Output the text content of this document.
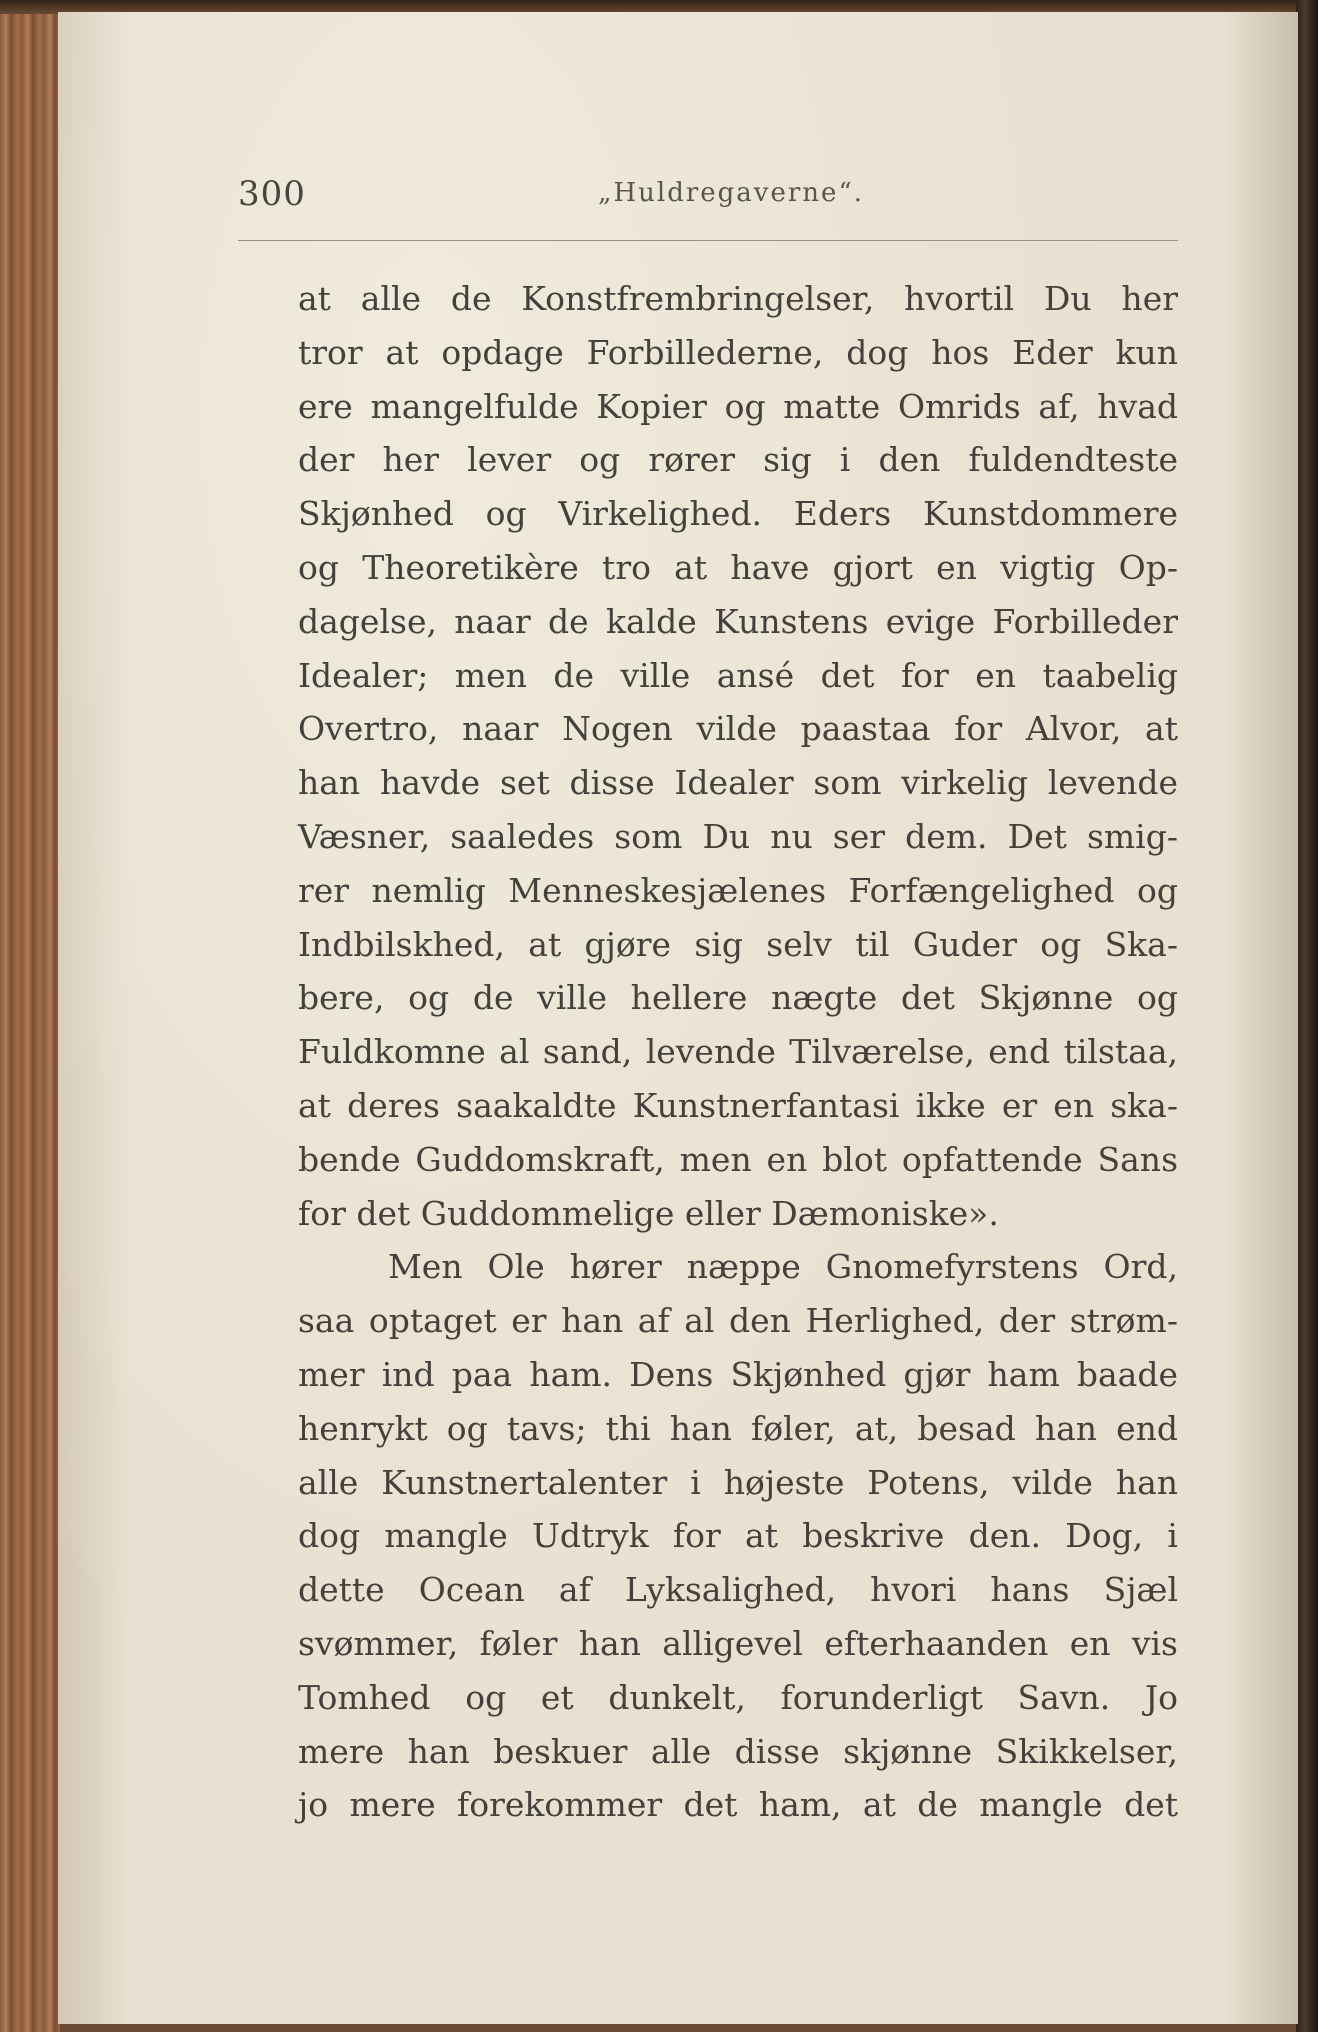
300	„Huldregaverne“.
at alle de Konstfrembringelser, hvortil Du her
tror at opdage Forbillederne, dog hos Eder kun
ere mangelfulde Kopier og matte Omrids af, hvad
der her lever og rører sig i den fuldendteste
Skjønhed og Virkelighed. Eders Kunstdommere
og Theoretikère tro at have gjort en vigtig Op-
dagelse, naar de kalde Kunstens evige Forbilleder
Idealer; men de ville ansé det for en taabelig
Overtro, naar Nogen vilde paastaa for Alvor, at
han havde set disse Idealer som virkelig levende
Væsner, saaledes som Du nu ser dem. Det smig-
rer nemlig Menneskesjælenes Forfængelighed og
Indbilskhed, at gjøre sig selv til Guder og Ska-
bere, og de ville hellere nægte det Skjønne og
Fuldkomne al sand, levende Tilværelse, end tilstaa,
at deres saakaldte Kunstnerfantasi ikke er en ska-
bende Guddomskraft, men en blot opfattende Sans
for det Guddommelige eller Dæmoniske».
Men Ole hører næppe Gnomefyrstens Ord,
saa optaget er han af al den Herlighed, der strøm-
mer ind paa ham. Dens Skjønhed gjør ham baade
henrykt og tavs; thi han føler, at, besad han end
alle Kunstnertalenter i højeste Potens, vilde han
dog mangle Udtryk for at beskrive den. Dog, i
dette Ocean af Lyksalighed, hvori hans Sjæl
svømmer, føler han alligevel efterhaanden en vis
Tomhed og et dunkelt, forunderligt Savn. Jo
mere han beskuer alle disse skjønne Skikkelser,
jo mere forekommer det ham, at de mangle det
